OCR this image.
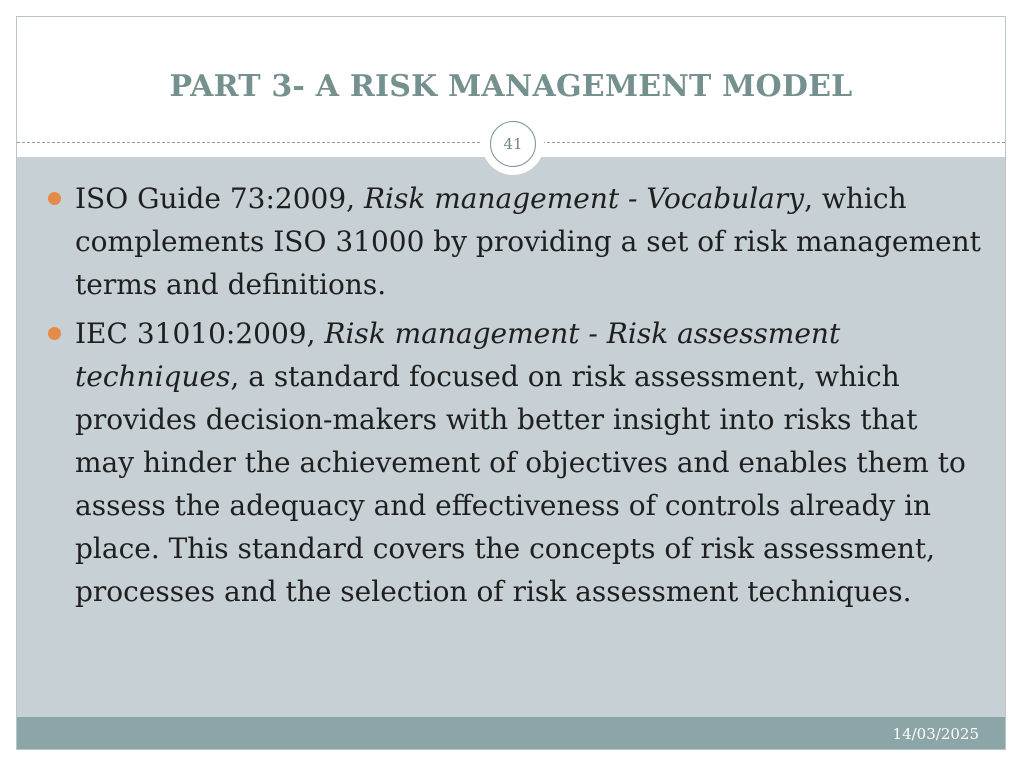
PART 3- A RISK MANAGEMENT MODEL
41
ISO Guide 73:2009, Risk management - Vocabulary, which complements ISO 31000 by providing a set of risk management terms and definitions.
IEC 31010:2009, Risk management - Risk assessment techniques, a standard focused on risk assessment, which provides decision-makers with better insight into risks that may hinder the achievement of objectives and enables them to assess the adequacy and effectiveness of controls already in place. This standard covers the concepts of risk assessment, processes and the selection of risk assessment techniques.
14/03/2025
